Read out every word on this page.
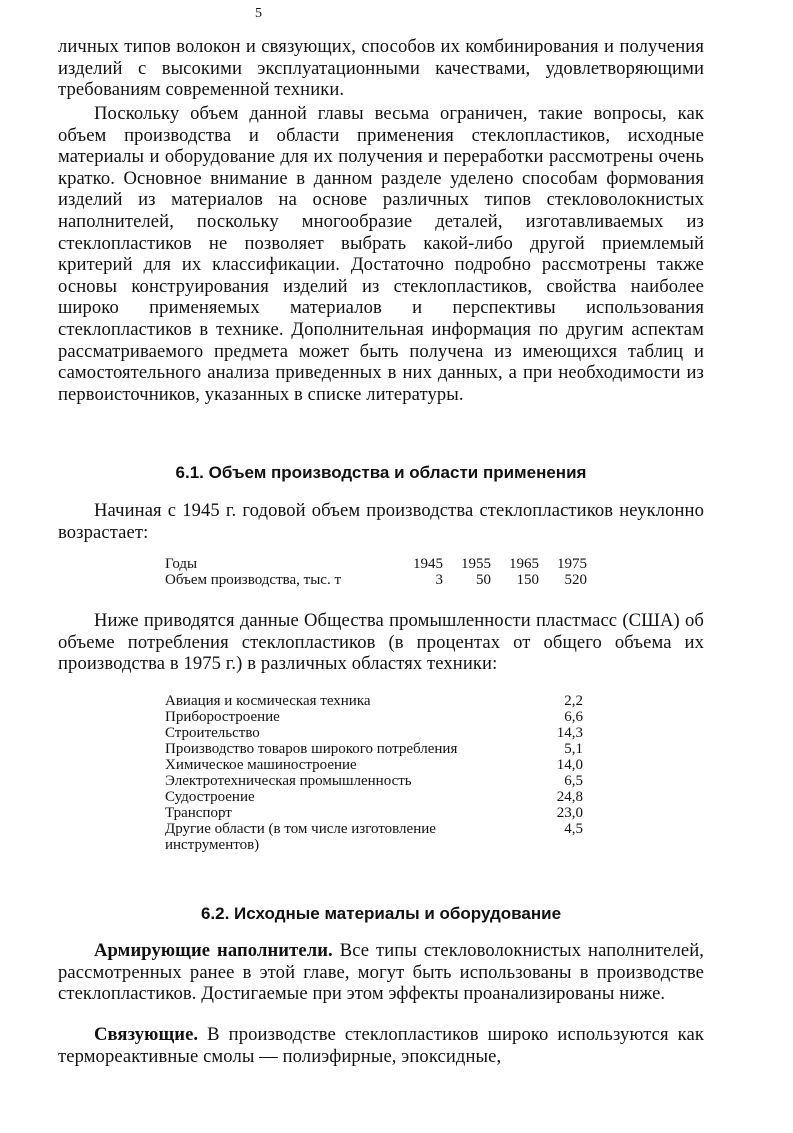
5

личных типов волокон и связующих, способов их комбинирования и получения изделий с высокими эксплуатационными качествами, удовлетворяющими требованиям современной техники.

Поскольку объем данной главы весьма ограничен, такие вопросы, как объем производства и области применения стеклопластиков, исходные материалы и оборудование для их получения и переработки рассмотрены очень кратко. Основное внимание в данном разделе уделено способам формования изделий из материалов на основе различных типов стекловолокнистых наполнителей, поскольку многообразие деталей, изготавливаемых из стеклопластиков не позволяет выбрать какой-либо другой приемлемый критерий для их классификации. Достаточно подробно рассмотрены также основы конструирования изделий из стеклопластиков, свойства наиболее широко применяемых материалов и перспективы использования стеклопластиков в технике. Дополнительная информация по другим аспектам рассматриваемого предмета может быть получена из имеющихся таблиц и самостоятельного анализа приведенных в них данных, а при необходимости из первоисточников, указанных в списке литературы.

6.1. Объем производства и области применения

Начиная с 1945 г. годовой объем производства стеклопластиков неуклонно возрастает:

Годы	1945	1955	1965	1975
Объем производства, тыс. т	3	50	150	520

Ниже приводятся данные Общества промышленности пластмасс (США) об объеме потребления стеклопластиков (в процентах от общего объема их производства в 1975 г.) в различных областях техники:

Авиация и космическая техника	2,2
Приборостроение	6,6
Строительство	14,3
Производство товаров широкого потребления	5,1
Химическое машиностроение	14,0
Электротехническая промышленность	6,5
Судостроение	24,8
Транспорт	23,0
Другие области (в том числе изготовление инструментов)	4,5

6.2. Исходные материалы и оборудование

Армирующие наполнители. Все типы стекловолокнистых наполнителей, рассмотренных ранее в этой главе, могут быть использованы в производстве стеклопластиков. Достигаемые при этом эффекты проанализированы ниже.

Связующие. В производстве стеклопластиков широко используются как термореактивные смолы — полиэфирные, эпоксидные,
